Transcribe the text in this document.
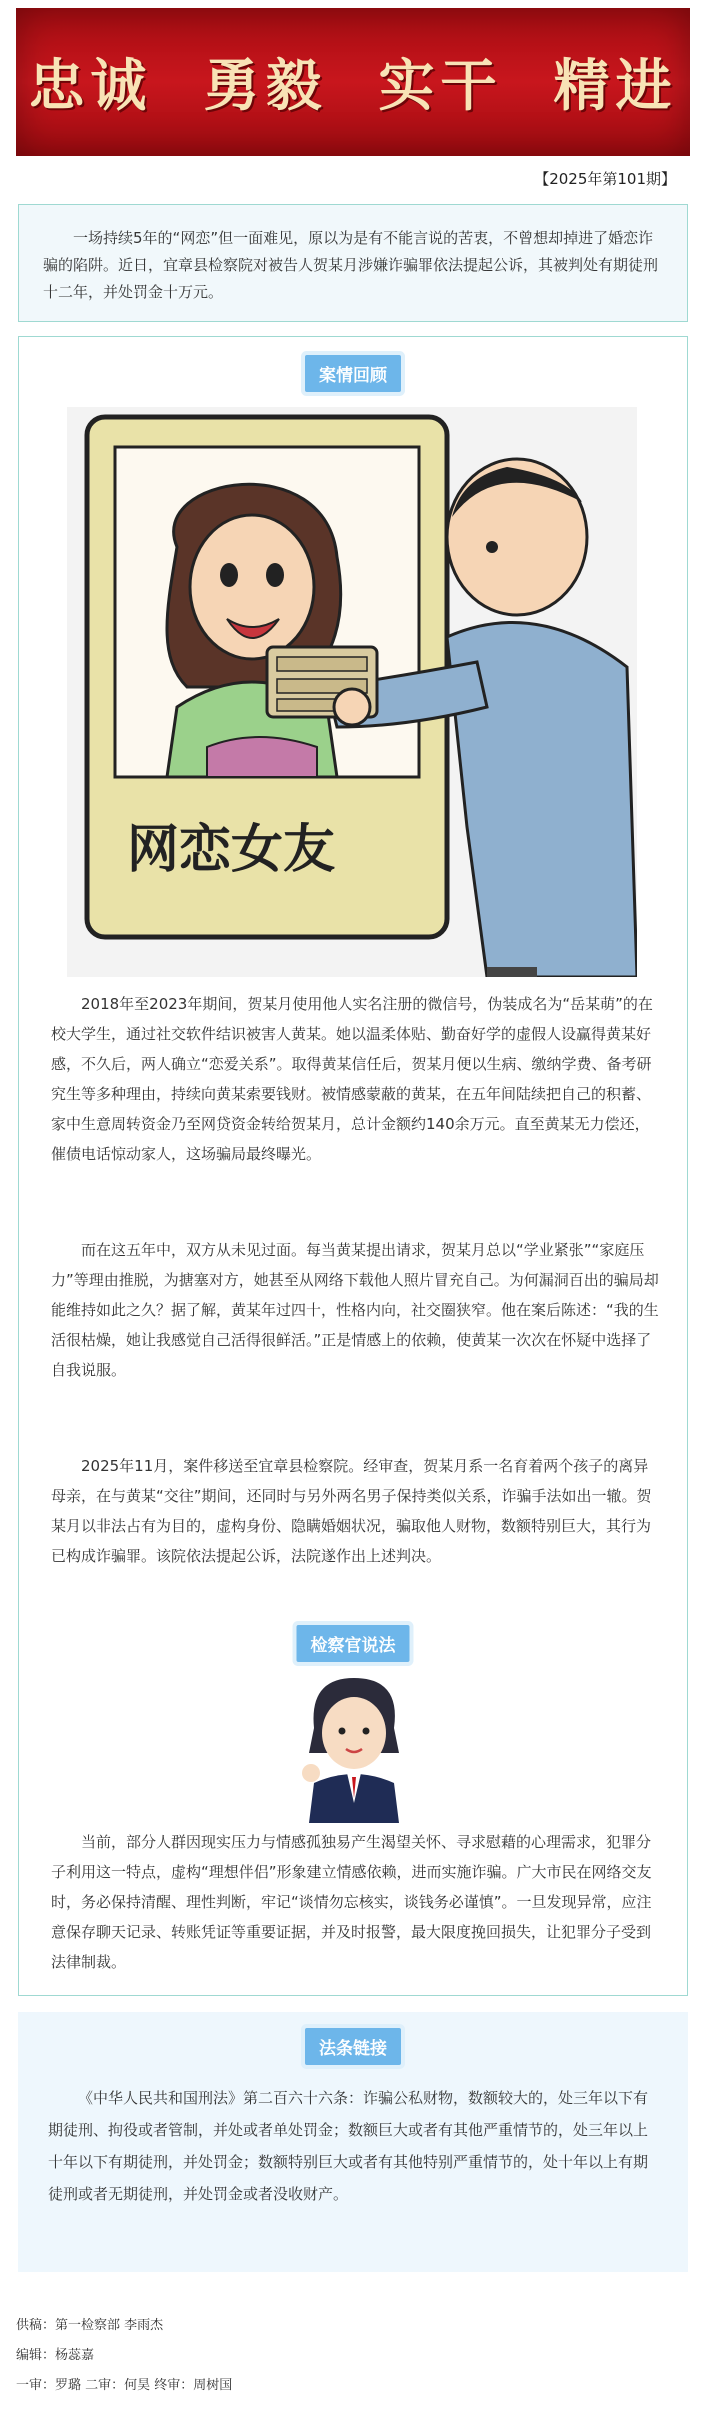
忠诚  勇毅  实干  精进
【2025年第101期】
一场持续5年的“网恋”但一面难见，原以为是有不能言说的苦衷，不曾想却掉进了婚恋诈骗的陷阱。近日，宜章县检察院对被告人贺某月涉嫌诈骗罪依法提起公诉，其被判处有期徒刑十二年，并处罚金十万元。
案情回顾
网恋女友
2018年至2023年期间，贺某月使用他人实名注册的微信号，伪装成名为“岳某萌”的在校大学生，通过社交软件结识被害人黄某。她以温柔体贴、勤奋好学的虚假人设赢得黄某好感，不久后，两人确立“恋爱关系”。取得黄某信任后，贺某月便以生病、缴纳学费、备考研究生等多种理由，持续向黄某索要钱财。被情感蒙蔽的黄某，在五年间陆续把自己的积蓄、家中生意周转资金乃至网贷资金转给贺某月，总计金额约140余万元。直至黄某无力偿还，催债电话惊动家人，这场骗局最终曝光。
而在这五年中，双方从未见过面。每当黄某提出请求，贺某月总以“学业紧张”“家庭压力”等理由推脱，为搪塞对方，她甚至从网络下载他人照片冒充自己。为何漏洞百出的骗局却能维持如此之久？据了解，黄某年过四十，性格内向，社交圈狭窄。他在案后陈述：“我的生活很枯燥，她让我感觉自己活得很鲜活。”正是情感上的依赖，使黄某一次次在怀疑中选择了自我说服。
2025年11月，案件移送至宜章县检察院。经审查，贺某月系一名育着两个孩子的离异母亲，在与黄某“交往”期间，还同时与另外两名男子保持类似关系，诈骗手法如出一辙。贺某月以非法占有为目的，虚构身份、隐瞒婚姻状况，骗取他人财物，数额特别巨大，其行为已构成诈骗罪。该院依法提起公诉，法院遂作出上述判决。
检察官说法
当前，部分人群因现实压力与情感孤独易产生渴望关怀、寻求慰藉的心理需求，犯罪分子利用这一特点，虚构“理想伴侣”形象建立情感依赖，进而实施诈骗。广大市民在网络交友时，务必保持清醒、理性判断，牢记“谈情勿忘核实，谈钱务必谨慎”。一旦发现异常，应注意保存聊天记录、转账凭证等重要证据，并及时报警，最大限度挽回损失，让犯罪分子受到法律制裁。
法条链接
《中华人民共和国刑法》第二百六十六条：诈骗公私财物，数额较大的，处三年以下有期徒刑、拘役或者管制，并处或者单处罚金；数额巨大或者有其他严重情节的，处三年以上十年以下有期徒刑，并处罚金；数额特别巨大或者有其他特别严重情节的，处十年以上有期徒刑或者无期徒刑，并处罚金或者没收财产。
供稿：第一检察部 李雨杰
编辑：杨蕊嘉
一审：罗璐 二审：何昊 终审：周树国
